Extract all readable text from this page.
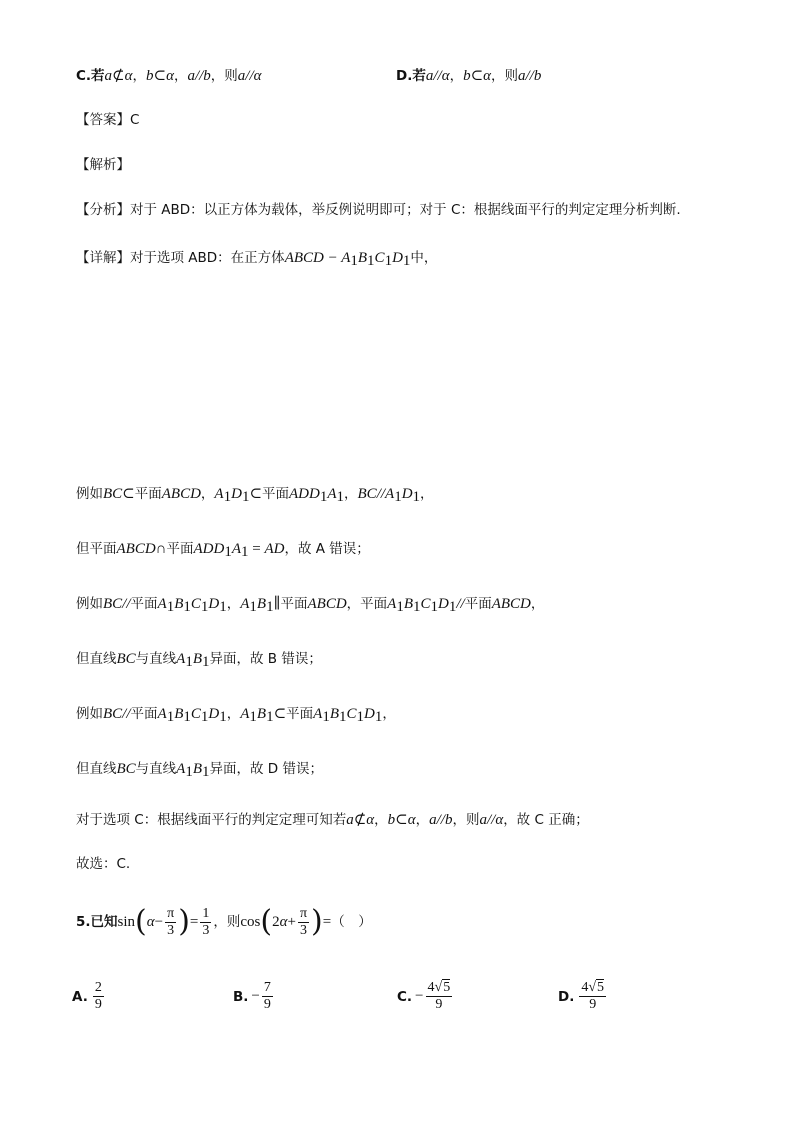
C.若a⊄α，b⊂α，a//b，则a//α	D.若a//α，b⊂α，则a//b
【答案】C
【解析】
【分析】对于 ABD：以正方体为载体，举反例说明即可；对于 C：根据线面平行的判定定理分析判断.
【详解】对于选项 ABD：在正方体ABCD − $A_1B_1C_1D_1$中，
例如BC⊂平面ABCD，$A_1D_1\subset$平面$ADD_1A_1$，$BC//A_1D_1$，
但平面ABCD∩平面$ADD_1A_1$ = AD，故 A 错误；
例如BC//平面$A_1B_1C_1D_1$，$A_1B_1\parallel$平面ABCD，平面$A_1B_1C_1D_1//$平面ABCD，
但直线BC与直线$A_1B_1$异面，故 B 错误；
例如BC//平面$A_1B_1C_1D_1$，$A_1B_1\subset$平面$A_1B_1C_1D_1$，
但直线BC与直线$A_1B_1$异面，故 D 错误；
对于选项 C：根据线面平行的判定定理可知若a⊄α，b⊂α，a//b，则a//α，故 C 正确；
故选：C.
5.已知 sin ( $\alpha - \frac{\pi}{3}$ ) = $\frac{1}{3}$ ，则 cos ( 2 $\alpha + \frac{\pi}{3}$ ) = （　）
A. $\frac{2}{9}$	B. − $\frac{7}{9}$	C. − $\frac{4√5}{9}$	D. $\frac{4√5}{9}$
